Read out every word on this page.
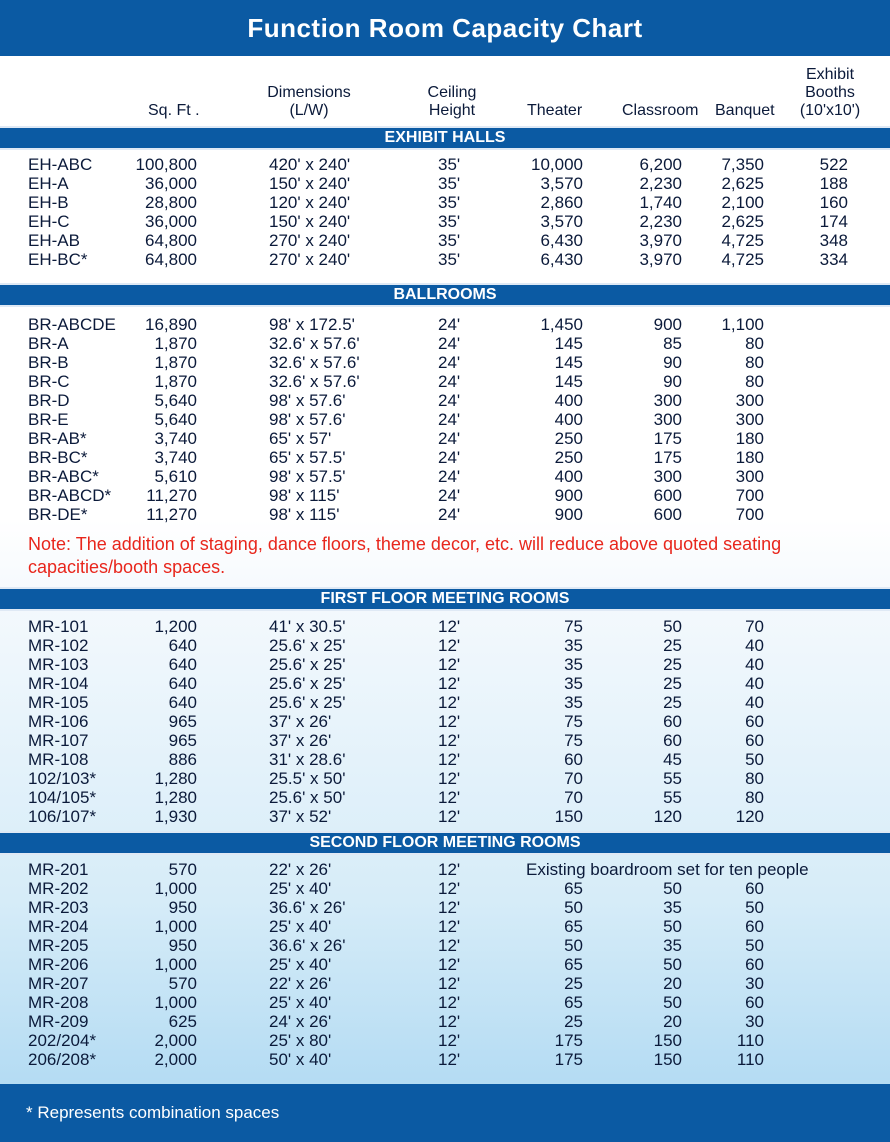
Function Room Capacity Chart
Sq. Ft .
Dimensions
(L/W)
Ceiling
Height	Theater Classroom Banquet
Exhibit
Booths
(10'x10')
EXHIBIT HALLS
EH-ABC	100,800	420' x 240'	35'	10,000	6,200 7,350	522
EH-A	36,000	150' x 240'	35'	3,570	2,230 2,625	188
EH-B	28,800	120' x 240'	35'	2,860	1,740 2,100	160
EH-C	36,000	150' x 240'	35'	3,570	2,230 2,625	174
EH-AB	64,800	270' x 240'	35'	6,430	3,970 4,725	348
EH-BC*	64,800	270' x 240'	35'	6,430	3,970 4,725	334
BALLROOMS
BR-ABCDE 16,890	98' x 172.5'	24'	1,450	900 1,100
BR-A	1,870	32.6' x 57.6'	24'	145	85	80
BR-B	1,870	32.6' x 57.6'	24'	145	90	80
BR-C	1,870	32.6' x 57.6'	24'	145	90	80
BR-D	5,640	98' x 57.6'	24'	400	300	300
BR-E	5,640	98' x 57.6'	24'	400	300	300
BR-AB*	3,740	65' x 57'	24'	250	175	180
BR-BC*	3,740	65' x 57.5'	24'	250	175	180
BR-ABC*	5,610	98' x 57.5'	24'	400	300	300
BR-ABCD* 11,270	98' x 115'	24'	900	600	700
BR-DE*	11,270	98' x 115'	24'	900	600	700
Note: The addition of staging, dance floors, theme decor, etc. will reduce above quoted seating capacities/booth spaces.
FIRST FLOOR MEETING ROOMS
MR-101	1,200	41' x 30.5'	12'	75	50	70
MR-102	640	25.6' x 25'	12'	35	25	40
MR-103	640	25.6' x 25'	12'	35	25	40
MR-104	640	25.6' x 25'	12'	35	25	40
MR-105	640	25.6' x 25'	12'	35	25	40
MR-106	965	37' x 26'	12'	75	60	60
MR-107	965	37' x 26'	12'	75	60	60
MR-108	886	31' x 28.6'	12'	60	45	50
102/103*	1,280	25.5' x 50'	12'	70	55	80
104/105*	1,280	25.6' x 50'	12'	70	55	80
106/107*	1,930	37' x 52'	12'	150	120	120
SECOND FLOOR MEETING ROOMS
MR-201	570	22' x 26'	12'	Existing boardroom set for ten people
MR-202	1,000	25' x 40'	12'	65	50	60
MR-203	950	36.6' x 26'	12'	50	35	50
MR-204	1,000	25' x 40'	12'	65	50	60
MR-205	950	36.6' x 26'	12'	50	35	50
MR-206	1,000	25' x 40'	12'	65	50	60
MR-207	570	22' x 26'	12'	25	20	30
MR-208	1,000	25' x 40'	12'	65	50	60
MR-209	625	24' x 26'	12'	25	20	30
202/204*	2,000	25' x 80'	12'	175	150	110
206/208*	2,000	50' x 40'	12'	175	150	110
* Represents combination spaces
